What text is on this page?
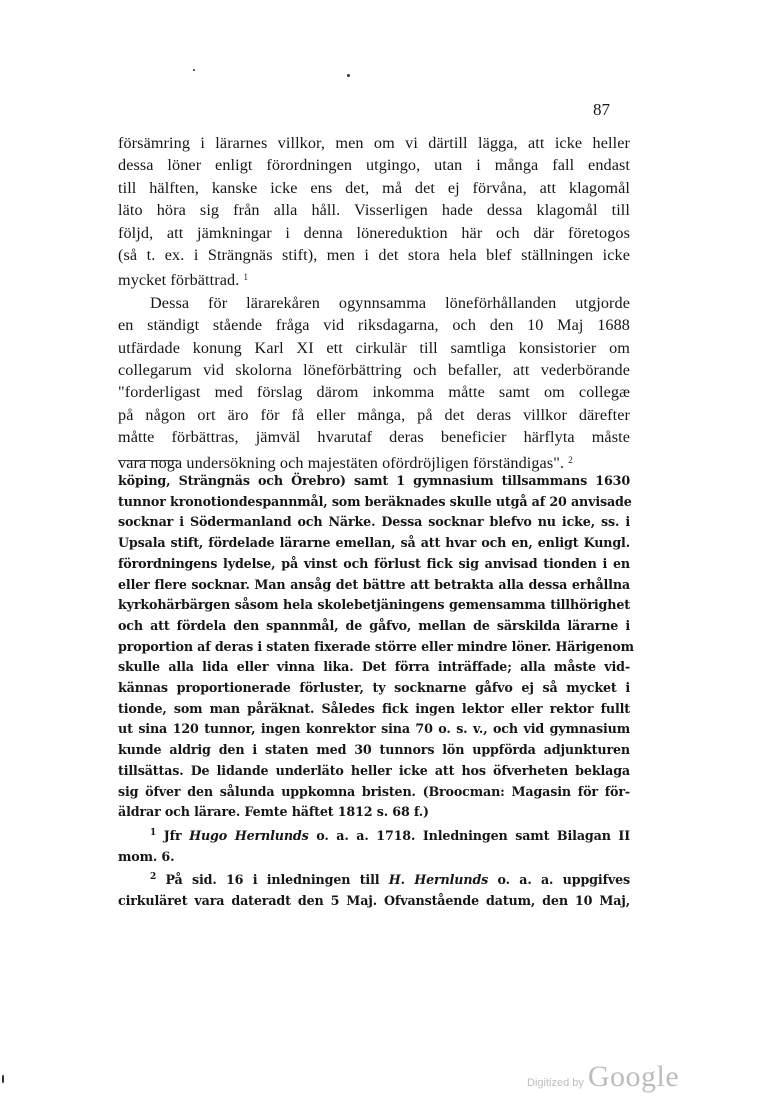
87
försämring i lärarnes villkor, men om vi därtill lägga, att icke heller
dessa löner enligt förordningen utgingo, utan i många fall endast
till hälften, kanske icke ens det, må det ej förvåna, att klagomål
läto höra sig från alla håll. Visserligen hade dessa klagomål till
följd, att jämkningar i denna lönereduktion här och där företogos
(så t. ex. i Strängnäs stift), men i det stora hela blef ställningen icke
mycket förbättrad. $^1$
Dessa för lärarekåren ogynnsamma löneförhållanden utgjorde
en ständigt stående fråga vid riksdagarna, och den 10 Maj 1688
utfärdade konung Karl XI ett cirkulär till samtliga konsistorier om
collegarum vid skolorna löneförbättring och befaller, att vederbörande
"forderligast med förslag därom inkomma måtte samt om collegæ
på någon ort äro för få eller många, på det deras villkor därefter
måtte förbättras, jämväl hvarutaf deras beneficier härflyta måste
vara noga undersökning och majestäten ofördröjligen förständigas". $^2$
köping, Strängnäs och Örebro) samt 1 gymnasium tillsammans 1630
tunnor kronotiondespannmål, som beräknades skulle utgå af 20 anvisade
socknar i Södermanland och Närke. Dessa socknar blefvo nu icke, ss. i
Upsala stift, fördelade lärarne emellan, så att hvar och en, enligt Kungl.
förordningens lydelse, på vinst och förlust fick sig anvisad tionden i en
eller flere socknar. Man ansåg det bättre att betrakta alla dessa erhållna
kyrkohärbärgen såsom hela skolebetjäningens gemensamma tillhörighet
och att fördela den spannmål, de gåfvo, mellan de särskilda lärarne i
proportion af deras i staten fixerade större eller mindre löner. Härigenom
skulle alla lida eller vinna lika. Det förra inträffade; alla måste vid-
kännas proportionerade förluster, ty socknarne gåfvo ej så mycket i
tionde, som man påräknat. Således fick ingen lektor eller rektor fullt
ut sina 120 tunnor, ingen konrektor sina 70 o. s. v., och vid gymnasium
kunde aldrig den i staten med 30 tunnors lön uppförda adjunkturen
tillsättas. De lidande underläto heller icke att hos öfverheten beklaga
sig öfver den sålunda uppkomna bristen. (Broocman: Magasin för för-
äldrar och lärare. Femte häftet 1812 s. 68 f.)
$^1$ Jfr Hugo Hernlunds o. a. a. 1718. Inledningen samt Bilagan II
mom. 6.
$^2$ På sid. 16 i inledningen till H. Hernlunds o. a. a. uppgifves
cirkuläret vara dateradt den 5 Maj. Ofvanstående datum, den 10 Maj,
Digitized by Google
